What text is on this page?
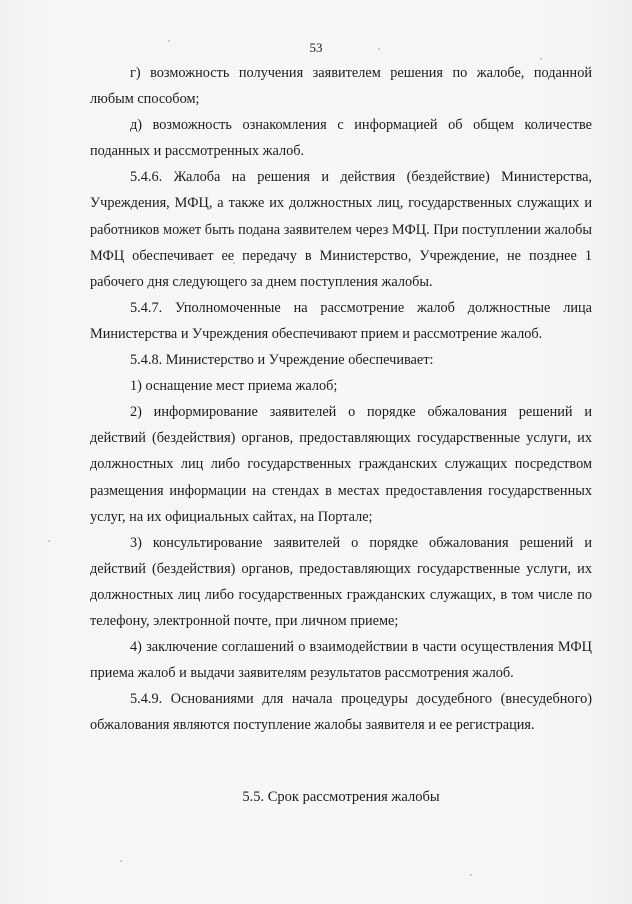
53

г) возможность получения заявителем решения по жалобе, поданной любым способом;

д) возможность ознакомления с информацией об общем количестве поданных и рассмотренных жалоб.

5.4.6. Жалоба на решения и действия (бездействие) Министерства, Учреждения, МФЦ, а также их должностных лиц, государственных служащих и работников может быть подана заявителем через МФЦ. При поступлении жалобы МФЦ обеспечивает ее передачу в Министерство, Учреждение, не позднее 1 рабочего дня следующего за днем поступления жалобы.

5.4.7. Уполномоченные на рассмотрение жалоб должностные лица Министерства и Учреждения обеспечивают прием и рассмотрение жалоб.

5.4.8. Министерство и Учреждение обеспечивает:

1) оснащение мест приема жалоб;

2) информирование заявителей о порядке обжалования решений и действий (бездействия) органов, предоставляющих государственные услуги, их должностных лиц либо государственных гражданских служащих посредством размещения информации на стендах в местах предоставления государственных услуг, на их официальных сайтах, на Портале;

3) консультирование заявителей о порядке обжалования решений и действий (бездействия) органов, предоставляющих государственные услуги, их должностных лиц либо государственных гражданских служащих, в том числе по телефону, электронной почте, при личном приеме;

4) заключение соглашений о взаимодействии в части осуществления МФЦ приема жалоб и выдачи заявителям результатов рассмотрения жалоб.

5.4.9. Основаниями для начала процедуры досудебного (внесудебного) обжалования являются поступление жалобы заявителя и ее регистрация.

5.5. Срок рассмотрения жалобы
